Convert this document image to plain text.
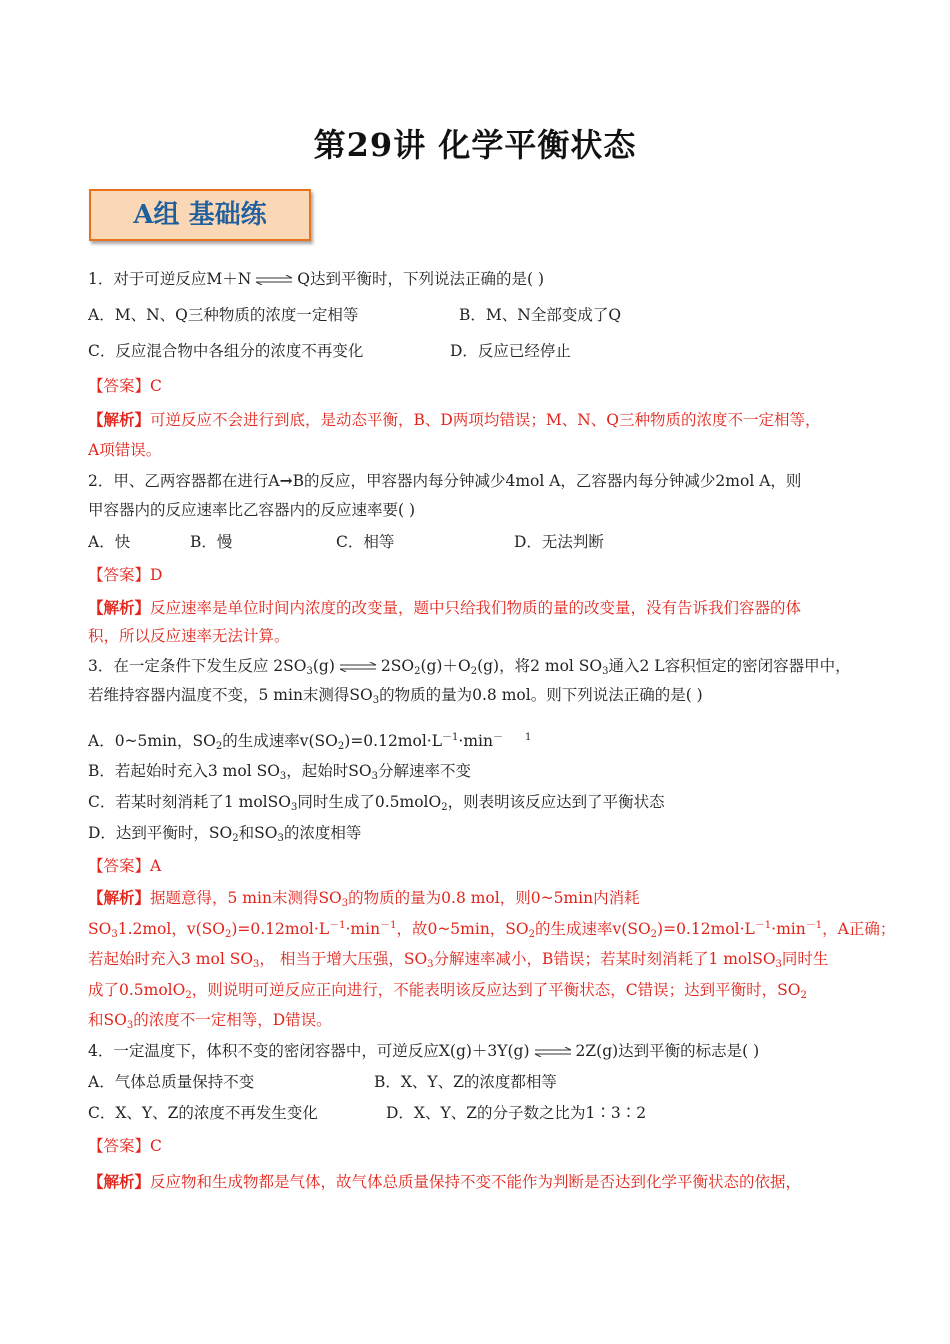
第29讲 化学平衡状态
A组 基础练
1．对于可逆反应M＋N ⇌ Q达到平衡时，下列说法正确的是( )
A．M、N、Q三种物质的浓度一定相等	B．M、N全部变成了Q
C．反应混合物中各组分的浓度不再变化	D．反应已经停止
【答案】C
【解析】可逆反应不会进行到底，是动态平衡，B、D两项均错误；M、N、Q三种物质的浓度不一定相等，
A项错误。
2．甲、乙两容器都在进行A→B的反应，甲容器内每分钟减少4mol A，乙容器内每分钟减少2mol A，则
甲容器内的反应速率比乙容器内的反应速率要( )
A．快	B．慢	C．相等	D．无法判断
【答案】D
【解析】反应速率是单位时间内浓度的改变量，题中只给我们物质的量的改变量，没有告诉我们容器的体
积，所以反应速率无法计算。
3．在一定条件下发生反应 $2SO_3(g)$ ⇌ $2SO_2(g)+O_2(g)$，将2 mol $SO_3$通入2 L容积恒定的密闭容器甲中，
若维持容器内温度不变，5 min末测得$SO_3$的物质的量为0.8 mol。则下列说法正确的是( )
A．0~5min，$SO_2$的生成速率$v(SO_2)=0.12mol\cdot L^{-1}\cdot\min^-$ $^1$
B．若起始时充入3 mol $SO_3$，起始时$SO_3$分解速率不变
C．若某时刻消耗了1 molSO$_3$同时生成了0.5molO$_2$，则表明该反应达到了平衡状态
D．达到平衡时，$SO_2$和$SO_3$的浓度相等
【答案】A
【解析】据题意得，5 min末测得$SO_3$的物质的量为0.8 mol，则0~5min内消耗
$SO_31.2mol$，$v(SO_2)=0.12mol\cdot L^{-1}\cdot\min^{-1}$，故0~5min，$SO_2$的生成速率$v(SO_2)=0.12mol\cdot L^{-1}\cdot\min^{-1}$，A正确；
若起始时充入3 mol $SO_3$， 相当于增大压强，$SO_3$分解速率减小，B错误；若某时刻消耗了1 molSO$_3$同时生
成了0.5molO$_2$，则说明可逆反应正向进行，不能表明该反应达到了平衡状态，C错误；达到平衡时，$SO_2$
和$SO_3$的浓度不一定相等，D错误。
4．一定温度下，体积不变的密闭容器中，可逆反应X(g)＋3Y(g) ⇌ 2Z(g)达到平衡的标志是( )
A．气体总质量保持不变	B．X、Y、Z的浓度都相等
C．X、Y、Z的浓度不再发生变化	D．X、Y、Z的分子数之比为1∶3∶2
【答案】C
【解析】反应物和生成物都是气体，故气体总质量保持不变不能作为判断是否达到化学平衡状态的依据，
